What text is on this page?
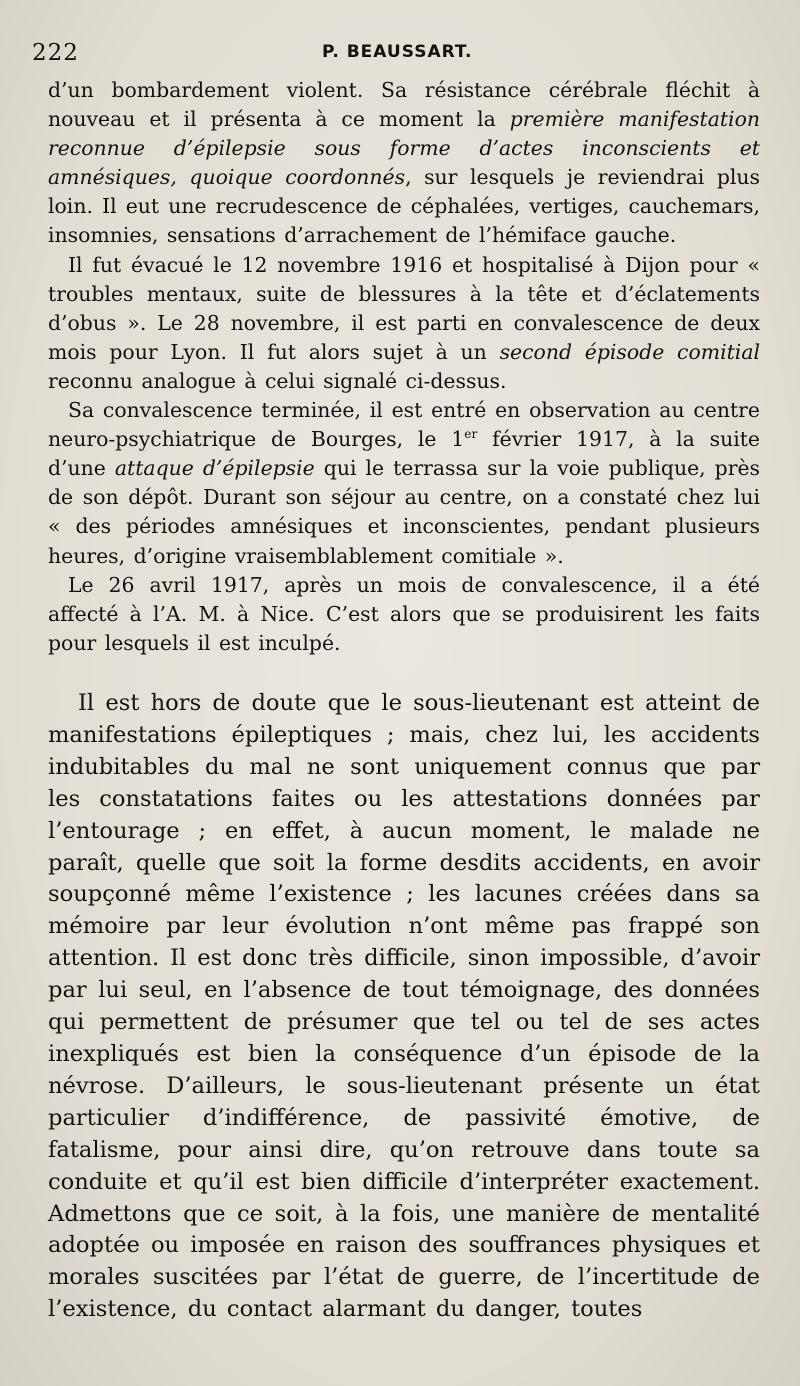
222	P. BEAUSSART.

d’un bombardement violent. Sa résistance cérébrale fléchit à nouveau et il présenta à ce moment la première manifestation reconnue d’épilepsie sous forme d’actes inconscients et amnésiques, quoique coordonnés, sur lesquels je reviendrai plus loin. Il eut une recrudescence de céphalées, vertiges, cauchemars, insomnies, sensations d’arrachement de l’hémiface gauche.

Il fut évacué le 12 novembre 1916 et hospitalisé à Dijon pour « troubles mentaux, suite de blessures à la tête et d’éclatements d’obus ». Le 28 novembre, il est parti en convalescence de deux mois pour Lyon. Il fut alors sujet à un second épisode comitial reconnu analogue à celui signalé ci-dessus.

Sa convalescence terminée, il est entré en observation au centre neuro-psychiatrique de Bourges, le 1er février 1917, à la suite d’une attaque d’épilepsie qui le terrassa sur la voie publique, près de son dépôt. Durant son séjour au centre, on a constaté chez lui « des périodes amnésiques et inconscientes, pendant plusieurs heures, d’origine vraisemblablement comitiale ».

Le 26 avril 1917, après un mois de convalescence, il a été affecté à l’A. M. à Nice. C’est alors que se produisirent les faits pour lesquels il est inculpé.

Il est hors de doute que le sous-lieutenant est atteint de manifestations épileptiques ; mais, chez lui, les accidents indubitables du mal ne sont uniquement connus que par les constatations faites ou les attestations données par l’entourage ; en effet, à aucun moment, le malade ne paraît, quelle que soit la forme desdits accidents, en avoir soupçonné même l’existence ; les lacunes créées dans sa mémoire par leur évolution n’ont même pas frappé son attention. Il est donc très difficile, sinon impossible, d’avoir par lui seul, en l’absence de tout témoignage, des données qui permettent de présumer que tel ou tel de ses actes inexpliqués est bien la conséquence d’un épisode de la névrose. D’ailleurs, le sous-lieutenant présente un état particulier d’indifférence, de passivité émotive, de fatalisme, pour ainsi dire, qu’on retrouve dans toute sa conduite et qu’il est bien difficile d’interpréter exactement. Admettons que ce soit, à la fois, une manière de mentalité adoptée ou imposée en raison des souffrances physiques et morales suscitées par l’état de guerre, de l’incertitude de l’existence, du contact alarmant du danger, toutes
